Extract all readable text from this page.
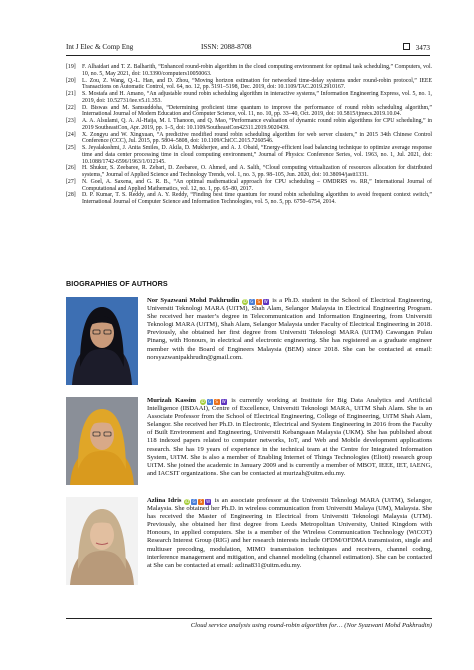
Int J Elec & Comp Eng	ISSN: 2088-8708	3473
[19]	F. Alhaidari and T. Z. Balharith, “Enhanced round-robin algorithm in the cloud computing environment for optimal task scheduling,” Computers, vol. 10, no. 5, May 2021, doi: 10.3390/computers10050063.
[20]	L. Zou, Z. Wang, Q.-L. Han, and D. Zhou, “Moving horizon estimation for networked time-delay systems under round-robin protocol,” IEEE Transactions on Automatic Control, vol. 64, no. 12, pp. 5191–5198, Dec. 2019, doi: 10.1109/TAC.2019.2910167.
[21]	S. Mostafa and H. Amano, “An adjustable round robin scheduling algorithm in interactive systems,” Information Engineering Express, vol. 5, no. 1, 2019, doi: 10.52731/iee.v5.i1.353.
[22]	D. Biswas and M. Samsuddoha, “Determining proficient time quantum to improve the performance of round robin scheduling algorithm,” International Journal of Modern Education and Computer Science, vol. 11, no. 10, pp. 33–40, Oct. 2019, doi: 10.5815/ijmecs.2019.10.04.
[23]	A. A. Alsulami, Q. A. Al-Haija, M. I. Thanoon, and Q. Mao, “Performance evaluation of dynamic round robin algorithms for CPU scheduling,” in 2019 SoutheastCon, Apr. 2019, pp. 1–5, doi: 10.1109/SoutheastCon42311.2019.9020439.
[24]	X. Zongyu and W. Xingxuan, “A predictive modified round robin scheduling algorithm for web server clusters,” in 2015 34th Chinese Control Conference (CCC), Jul. 2015, pp. 5804–5808, doi: 10.1109/ChiCC.2015.7260546.
[25]	S. Jeyalaksshmi, J. Anita Smiles, D. Akila, D. Mukherjee, and A. J. Obaid, “Energy-efficient load balancing technique to optimize average response time and data center processing time in cloud computing environment,” Journal of Physics: Conference Series, vol. 1963, no. 1, Jul. 2021, doi: 10.1088/1742-6596/1963/1/012145.
[26]	H. Shukur, S. Zeebaree, R. Zebari, D. Zeebaree, O. Ahmed, and A. Salih, “Cloud computing virtualization of resources allocation for distributed systems,” Journal of Applied Science and Technology Trends, vol. 1, no. 3, pp. 98–105, Jun. 2020, doi: 10.38094/jastt1331.
[27]	N. Goel, A. Saxena, and G. R. B., “An optimal mathematical approach for CPU scheduling – OMDRRS vs. RR,” International Journal of Computational and Applied Mathematics, vol. 12, no. 1, pp. 65–80, 2017.
[28]	D. P. Kumar, T. S. Reddy, and A. Y. Reddy, “Finding best time quantum for round robin scheduling algorithm to avoid frequent context switch,” International Journal of Computer Science and Information Technologies, vol. 5, no. 5, pp. 6750–6754, 2014.
BIOGRAPHIES OF AUTHORS
Nor Syazwani Mohd Pakhrudin iD G S W is a Ph.D. student in the School of Electrical Engineering, Universiti Teknologi MARA (UiTM), Shah Alam, Selangor Malaysia in Electrical Engineering Program. She received her master’s degree in Telecommunication and Information Engineering, from Universiti Teknologi MARA (UiTM), Shah Alam, Selangor Malaysia under Faculty of Electrical Engineering in 2018. Previously, she obtained her first degree from Universiti Teknologi MARA (UiTM) Cawangan Pulau Pinang, with Honours, in electrical and electronic engineering. She has registered as a graduate engineer member with the Board of Engineers Malaysia (BEM) since 2018. She can be contacted at email: norsyazwanipakhrudin@gmail.com.
Murizah Kassim iD G S W is currently working at Institute for Big Data Analytics and Artificial Intelligence (IBDAAI), Centre of Excellence, Universiti Teknologi MARA, UiTM Shah Alam. She is an Associate Professor from the School of Electrical Engineering, College of Engineering, UiTM Shah Alam, Selangor. She received her Ph.D. in Electronic, Electrical and System Engineering in 2016 from the Faculty of Built Environment and Engineering, Universiti Kebangsaan Malaysia (UKM). She has published about 118 indexed papers related to computer networks, IoT, and Web and Mobile development applications research. She has 19 years of experience in the technical team at the Centre for Integrated Information System, UiTM. She is also a member of Enabling Internet of Things Technologies (Eliott) research group UiTM. She joined the academic in January 2009 and is currently a member of MBOT, IEEE, IET, IAENG, and IACSIT organizations. She can be contacted at murizah@uitm.edu.my.
Azlina Idris iD G S W is an associate professor at the Universiti Teknologi MARA (UiTM), Selangor, Malaysia. She obtained her Ph.D. in wireless communication from Universiti Malaya (UM), Malaysia. She has received the Master of Engineering in Electrical from Universiti Teknologi Malaysia (UTM). Previously, she obtained her first degree from Leeds Metropolitan University, United Kingdom with Honours, in applied computers. She is a member of the Wireless Communication Technology (WiCOT) Research Interest Group (RIG) and her research interests include OFDM/OFDMA transmission, single and multiuser precoding, modulation, MIMO transmission techniques and receivers, channel coding, interference management and mitigation, and channel modeling (channel estimation). She can be contacted at She can be contacted at email: azlina831@uitm.edu.my.
Cloud service analysis using round-robin algorithm for… (Nor Syazwani Mohd Pakhrudin)
